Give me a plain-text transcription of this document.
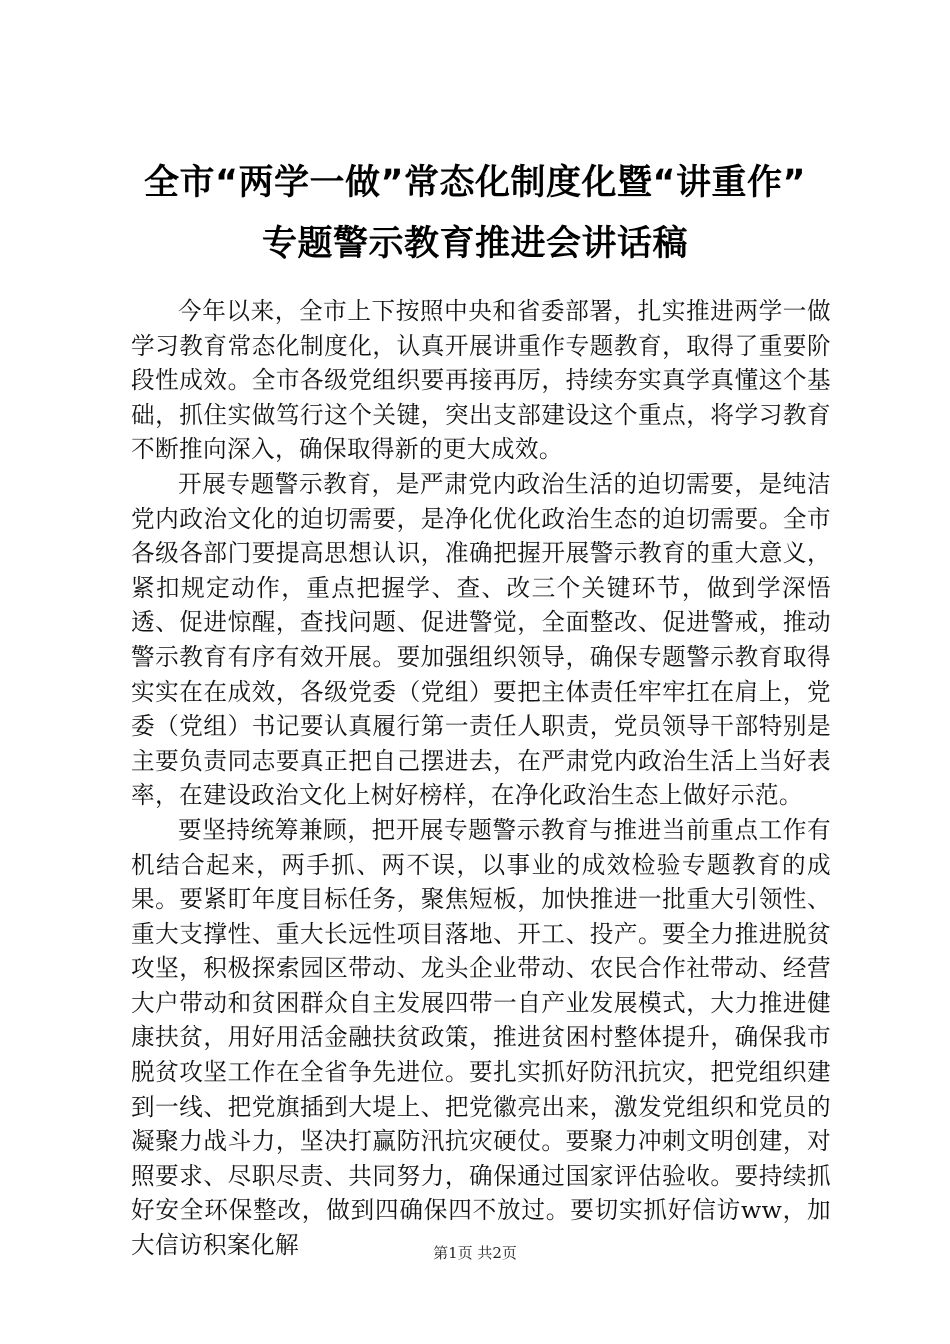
全市“两学一做”常态化制度化暨“讲重作”
专题警示教育推进会讲话稿

今年以来，全市上下按照中央和省委部署，扎实推进两学一做学习教育常态化制度化，认真开展讲重作专题教育，取得了重要阶段性成效。全市各级党组织要再接再厉，持续夯实真学真懂这个基础，抓住实做笃行这个关键，突出支部建设这个重点，将学习教育不断推向深入，确保取得新的更大成效。

开展专题警示教育，是严肃党内政治生活的迫切需要，是纯洁党内政治文化的迫切需要，是净化优化政治生态的迫切需要。全市各级各部门要提高思想认识，准确把握开展警示教育的重大意义，紧扣规定动作，重点把握学、查、改三个关键环节，做到学深悟透、促进惊醒，查找问题、促进警觉，全面整改、促进警戒，推动警示教育有序有效开展。要加强组织领导，确保专题警示教育取得实实在在成效，各级党委（党组）要把主体责任牢牢扛在肩上，党委（党组）书记要认真履行第一责任人职责，党员领导干部特别是主要负责同志要真正把自己摆进去，在严肃党内政治生活上当好表率，在建设政治文化上树好榜样，在净化政治生态上做好示范。

要坚持统筹兼顾，把开展专题警示教育与推进当前重点工作有机结合起来，两手抓、两不误，以事业的成效检验专题教育的成果。要紧盯年度目标任务，聚焦短板，加快推进一批重大引领性、重大支撑性、重大长远性项目落地、开工、投产。要全力推进脱贫攻坚，积极探索园区带动、龙头企业带动、农民合作社带动、经营大户带动和贫困群众自主发展四带一自产业发展模式，大力推进健康扶贫，用好用活金融扶贫政策，推进贫困村整体提升，确保我市脱贫攻坚工作在全省争先进位。要扎实抓好防汛抗灾，把党组织建到一线、把党旗插到大堤上、把党徽亮出来，激发党组织和党员的凝聚力战斗力，坚决打赢防汛抗灾硬仗。要聚力冲刺文明创建，对照要求、尽职尽责、共同努力，确保通过国家评估验收。要持续抓好安全环保整改，做到四确保四不放过。要切实抓好信访ww，加大信访积案化解	第1页 共2页
